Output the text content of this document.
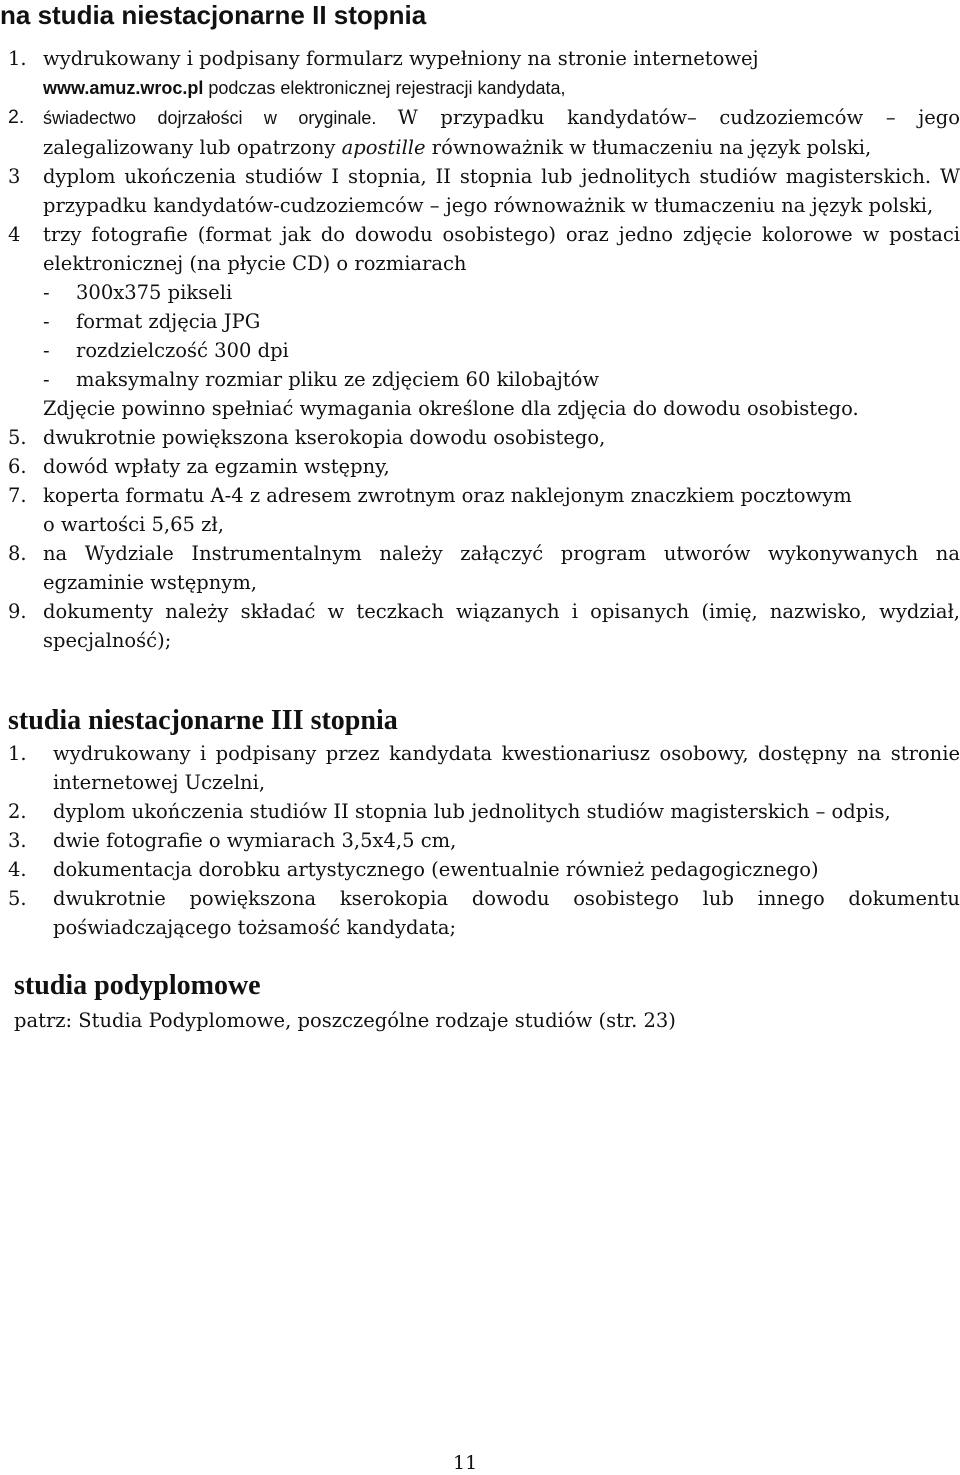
na studia niestacjonarne II stopnia
1. wydrukowany i podpisany formularz wypełniony na stronie internetowej
www.amuz.wroc.pl podczas elektronicznej rejestracji kandydata,
2. świadectwo dojrzałości w oryginale. W przypadku kandydatów– cudzoziemców – jego zalegalizowany lub opatrzony apostille równoważnik w tłumaczeniu na język polski,
3 dyplom ukończenia studiów I stopnia, II stopnia lub jednolitych studiów magisterskich. W przypadku kandydatów-cudzoziemców – jego równoważnik w tłumaczeniu na język polski,
4 trzy fotografie (format jak do dowodu osobistego) oraz jedno zdjęcie kolorowe w postaci elektronicznej (na płycie CD) o rozmiarach
- 300x375 pikseli
- format zdjęcia JPG
- rozdzielczość 300 dpi
- maksymalny rozmiar pliku ze zdjęciem 60 kilobajtów
Zdjęcie powinno spełniać wymagania określone dla zdjęcia do dowodu osobistego.
5. dwukrotnie powiększona kserokopia dowodu osobistego,
6. dowód wpłaty za egzamin wstępny,
7. koperta formatu A-4 z adresem zwrotnym oraz naklejonym znaczkiem pocztowym
o wartości 5,65 zł,
8. na Wydziale Instrumentalnym należy załączyć program utworów wykonywanych na egzaminie wstępnym,
9. dokumenty należy składać w teczkach wiązanych i opisanych (imię, nazwisko, wydział, specjalność);
studia niestacjonarne III stopnia
1. wydrukowany i podpisany przez kandydata kwestionariusz osobowy, dostępny na stronie internetowej Uczelni,
2. dyplom ukończenia studiów II stopnia lub jednolitych studiów magisterskich – odpis,
3. dwie fotografie o wymiarach 3,5x4,5 cm,
4. dokumentacja dorobku artystycznego (ewentualnie również pedagogicznego)
5. dwukrotnie powiększona kserokopia dowodu osobistego lub innego dokumentu poświadczającego tożsamość kandydata;
studia podyplomowe
patrz: Studia Podyplomowe, poszczególne rodzaje studiów (str. 23)
11
